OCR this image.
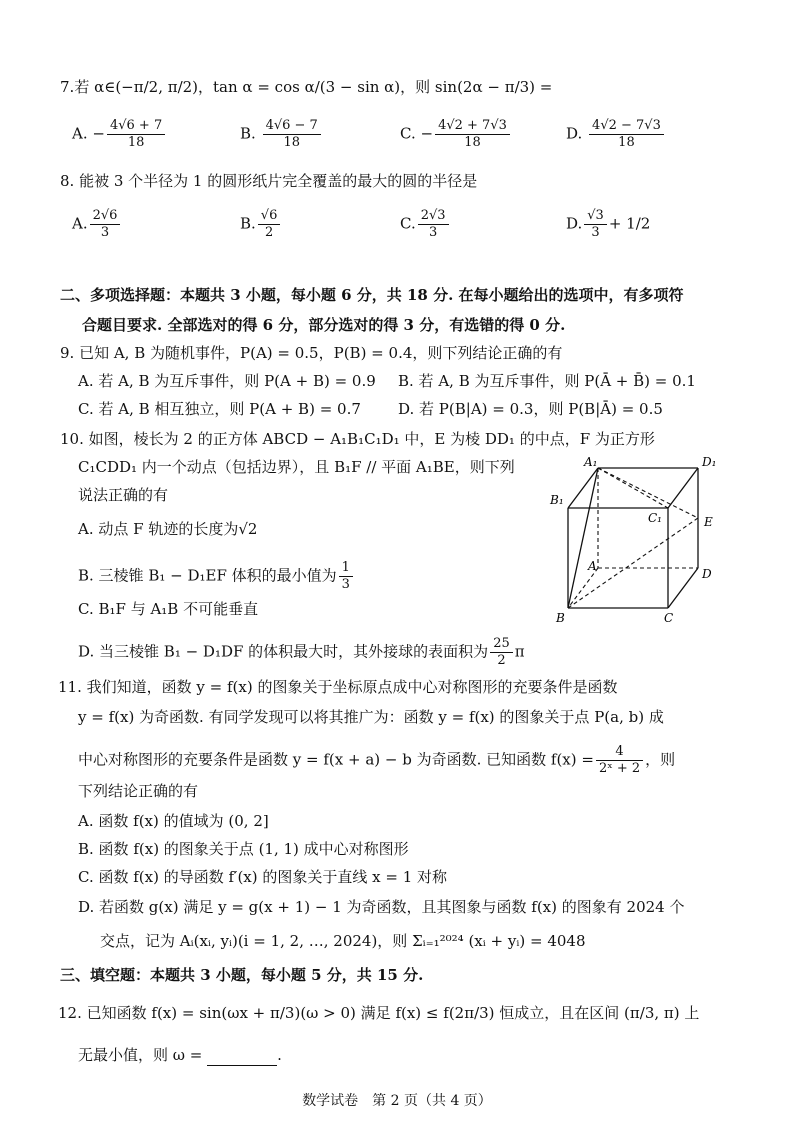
7.若 α∈(−π/2, π/2)，tan α = cos α/(3 − sin α)，则 sin(2α − π/3) =
A. − $\frac{4√6 + 7}{18}$	B. $\frac{4√6 - 7}{18}$	C. − $\frac{4√2 + 7√3}{18}$	D. $\frac{4√2 - 7√3}{18}$
8. 能被 3 个半径为 1 的圆形纸片完全覆盖的最大的圆的半径是
A. $\frac{2√6}{3}$	B. $\frac{√6}{2}$	C. $\frac{2√3}{3}$	D. $\frac{√3}{3} + 1/2$
二、多项选择题：本题共 3 小题，每小题 6 分，共 18 分. 在每小题给出的选项中，有多项符
合题目要求. 全部选对的得 6 分，部分选对的得 3 分，有选错的得 0 分.
9. 已知 A, B 为随机事件，P(A) = 0.5，P(B) = 0.4，则下列结论正确的有
A. 若 A, B 为互斥事件，则 P(A + B) = 0.9 B. 若 A, B 为互斥事件，则 P(Ā + B̄) = 0.1
C. 若 A, B 相互独立，则 P(A + B) = 0.7 D. 若 P(B|A) = 0.3，则 P(B|Ā) = 0.5
10. 如图，棱长为 2 的正方体 ABCD − A₁B₁C₁D₁ 中，E 为棱 DD₁ 的中点，F 为正方形
C₁CDD₁ 内一个动点（包括边界），且 B₁F // 平面 A₁BE，则下列
说法正确的有
A. 动点 F 轨迹的长度为√2
B. 三棱锥 B₁ − D₁EF 体积的最小值为 $\frac{1}{3}$
C. B₁F 与 A₁B 不可能垂直
D. 当三棱锥 B₁ − D₁DF 的体积最大时，其外接球的表面积为 $\frac{25}{2}$ π
A₁	D₁
B₁
C₁	E
A
D
B	C
11. 我们知道，函数 y = f(x) 的图象关于坐标原点成中心对称图形的充要条件是函数
y = f(x) 为奇函数. 有同学发现可以将其推广为：函数 y = f(x) 的图象关于点 P(a, b) 成
中心对称图形的充要条件是函数 y = f(x + a) − b 为奇函数. 已知函数 $f(x) = \frac{4}{\text{2ˣ + 2}}$ ，则
下列结论正确的有
A. 函数 f(x) 的值域为 (0, 2]
B. 函数 f(x) 的图象关于点 (1, 1) 成中心对称图形
C. 函数 f(x) 的导函数 f′(x) 的图象关于直线 x = 1 对称
D. 若函数 g(x) 满足 y = g(x + 1) − 1 为奇函数，且其图象与函数 f(x) 的图象有 2024 个
交点，记为 Aᵢ(xᵢ, yᵢ)(i = 1, 2, …, 2024)，则 Σᵢ₌₁²⁰²⁴ (xᵢ + yᵢ) = 4048
三、填空题：本题共 3 小题，每小题 5 分，共 15 分.
12. 已知函数 f(x) = sin(ωx + π/3)(ω > 0) 满足 f(x) ≤ f(2π/3) 恒成立，且在区间 (π/3, π) 上
无最小值，则 ω =	.
数学试卷　第 2 页（共 4 页）
